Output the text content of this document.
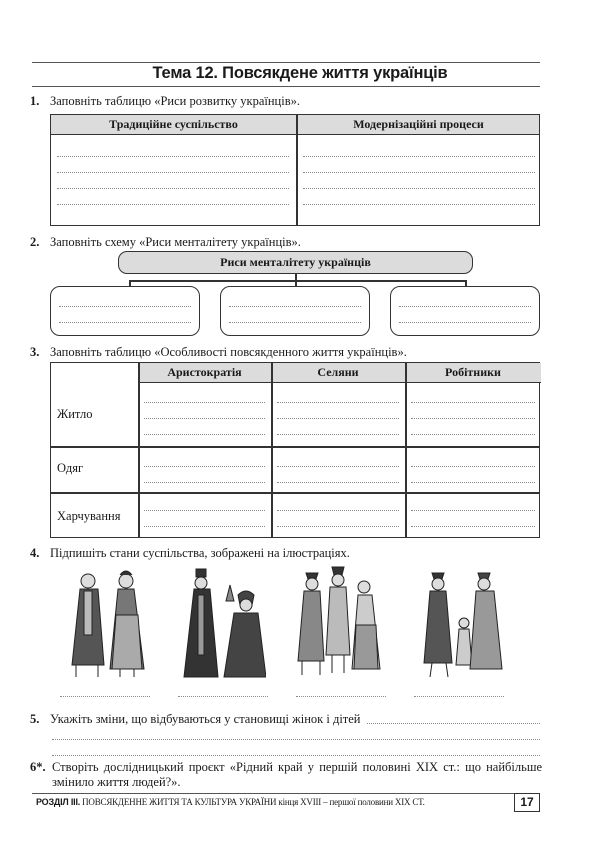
Тема 12. Повсякдене життя українців
1. Заповніть таблицю «Риси розвитку українців».
Традиційне суспільство	Модернізаційні процеси
2. Заповніть схему «Риси менталітету українців».
Риси менталітету українців
3. Заповніть таблицю «Особливості повсякденного життя українців».
Аристократія	Селяни	Робітники
Житло
Одяг
Харчування
4. Підпишіть стани суспільства, зображені на ілюстраціях.
5. Укажіть зміни, що відбуваються у становищі жінок і дітей
6*. Створіть дослідницький проєкт «Рідний край у першій половині XIX ст.: що найбільше змінило життя людей?».
РОЗДІЛ ІІІ. ПОВСЯКДЕННЕ ЖИТТЯ ТА КУЛЬТУРА УКРАЇНИ кінця XVIII – першої половини XIX СТ.	17
